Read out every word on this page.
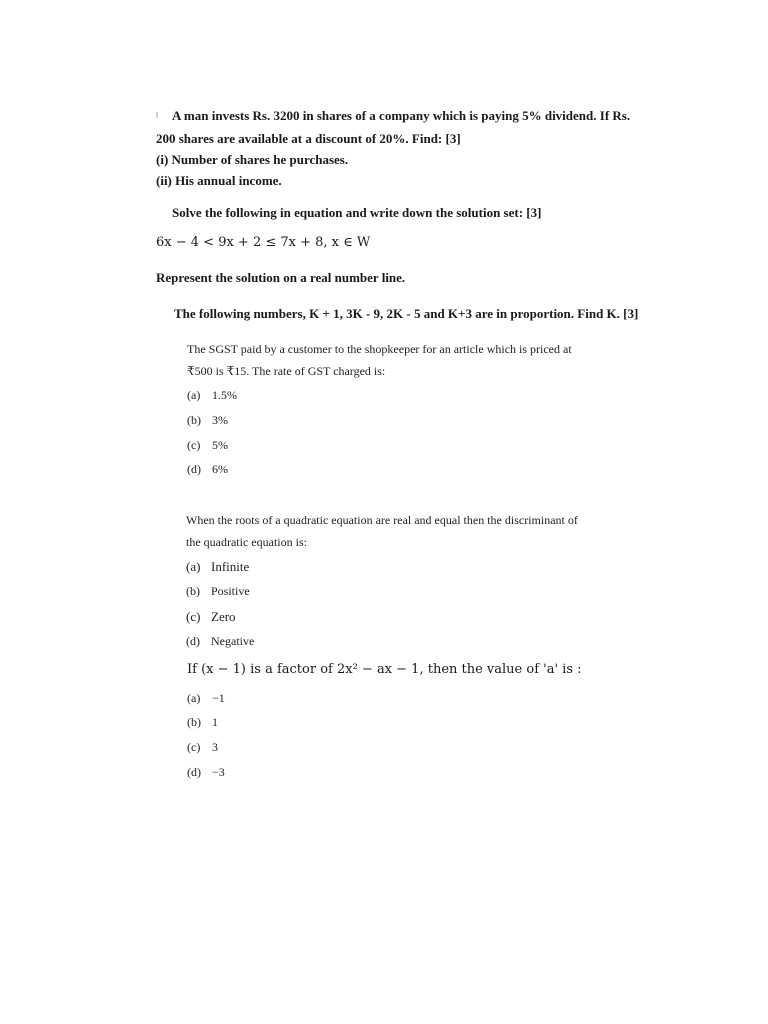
A man invests Rs. 3200 in shares of a company which is paying 5% dividend. If Rs.
200 shares are available at a discount of 20%. Find: [3]
(i) Number of shares he purchases.
(ii) His annual income.
Solve the following in equation and write down the solution set: [3]
6x − 4 < 9x + 2 ≤ 7x + 8, x ∈ W
Represent the solution on a real number line.
The following numbers, K + 1, 3K - 9, 2K - 5 and K+3 are in proportion. Find K. [3]
The SGST paid by a customer to the shopkeeper for an article which is priced at
₹500 is ₹15. The rate of GST charged is:
(a) 1.5%
(b) 3%
(c) 5%
(d) 6%
When the roots of a quadratic equation are real and equal then the discriminant of
the quadratic equation is:
(a) Infinite
(b) Positive
(c) Zero
(d) Negative
If (x − 1) is a factor of 2x² − ax − 1, then the value of 'a' is :
(a) −1
(b) 1
(c) 3
(d) −3
